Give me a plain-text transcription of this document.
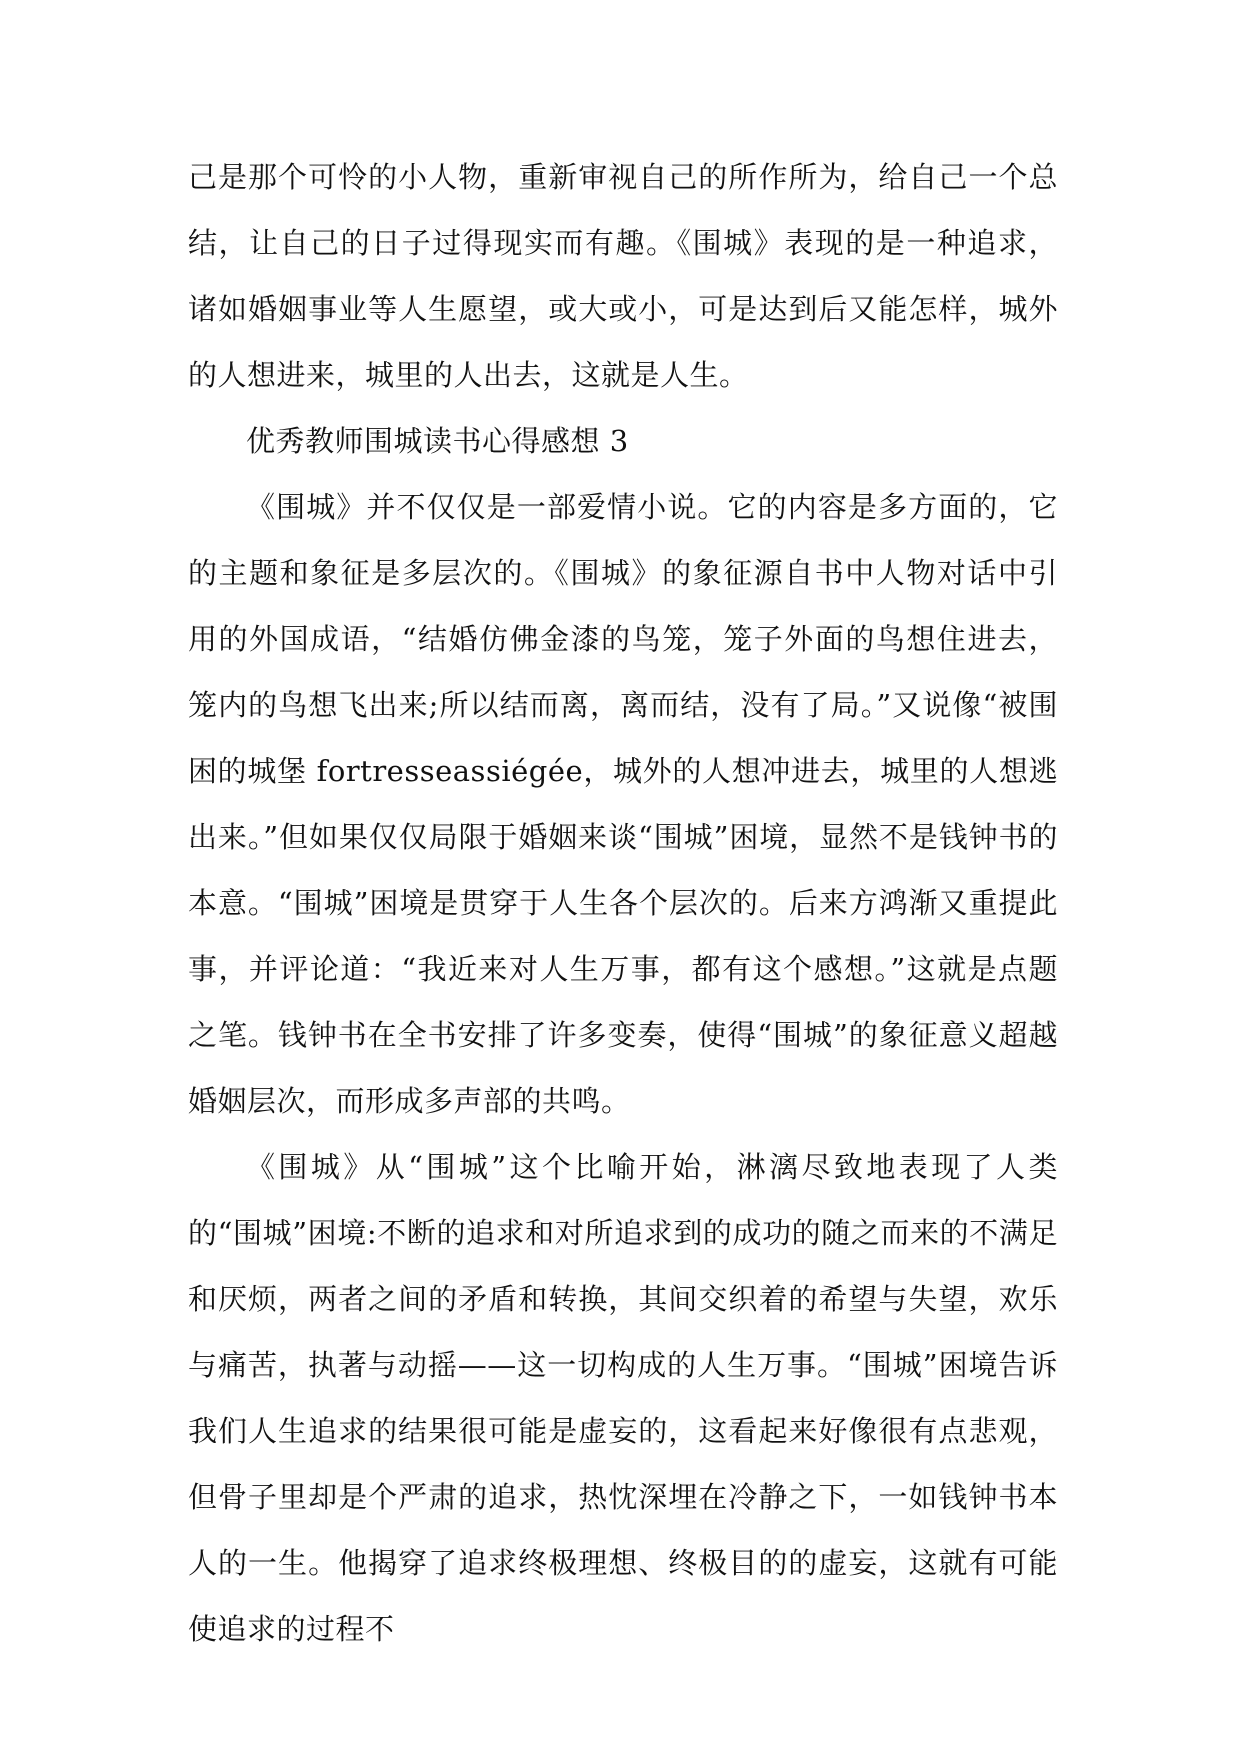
己是那个可怜的小人物，重新审视自己的所作所为，给自己一个总结，让自己的日子过得现实而有趣。《围城》表现的是一种追求，诸如婚姻事业等人生愿望，或大或小，可是达到后又能怎样，城外的人想进来，城里的人出去，这就是人生。

优秀教师围城读书心得感想 3

《围城》并不仅仅是一部爱情小说。它的内容是多方面的，它的主题和象征是多层次的。《围城》的象征源自书中人物对话中引用的外国成语，“结婚仿佛金漆的鸟笼，笼子外面的鸟想住进去，笼内的鸟想飞出来;所以结而离，离而结，没有了局。”又说像“被围困的城堡 fortresseassiégée，城外的人想冲进去，城里的人想逃出来。”但如果仅仅局限于婚姻来谈“围城”困境，显然不是钱钟书的本意。“围城”困境是贯穿于人生各个层次的。后来方鸿渐又重提此事，并评论道：“我近来对人生万事，都有这个感想。”这就是点题之笔。钱钟书在全书安排了许多变奏，使得“围城”的象征意义超越婚姻层次，而形成多声部的共鸣。

《围城》从“围城”这个比喻开始，淋漓尽致地表现了人类的“围城”困境:不断的追求和对所追求到的成功的随之而来的不满足和厌烦，两者之间的矛盾和转换，其间交织着的希望与失望，欢乐与痛苦，执著与动摇——这一切构成的人生万事。“围城”困境告诉我们人生追求的结果很可能是虚妄的，这看起来好像很有点悲观，但骨子里却是个严肃的追求，热忱深埋在冷静之下，一如钱钟书本人的一生。他揭穿了追求终极理想、终极目的的虚妄，这就有可能使追求的过程不
